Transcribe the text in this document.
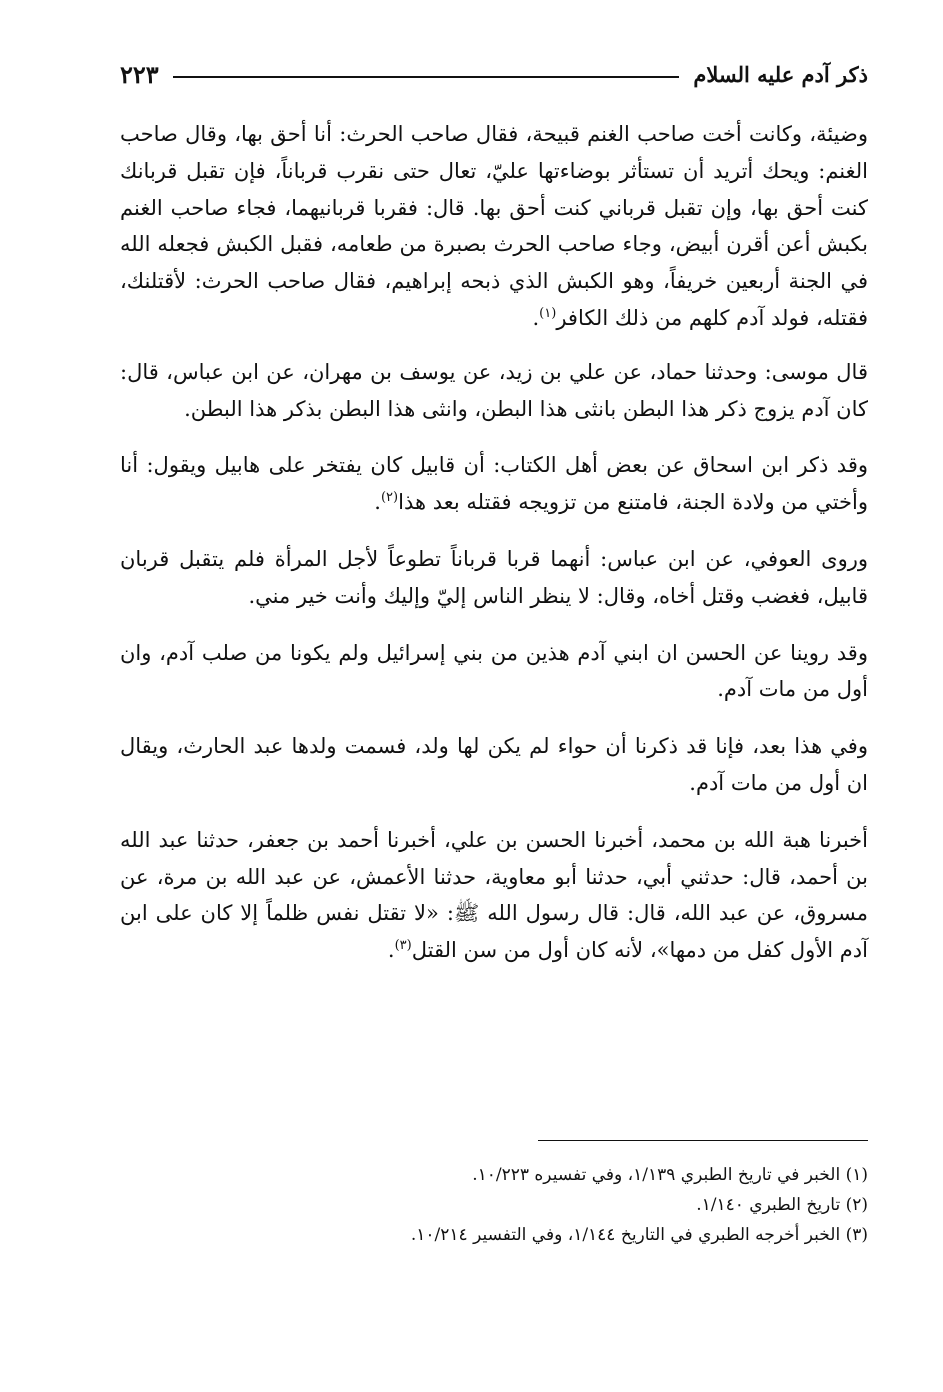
ذكر آدم عليه السلام
٢٢٣

وضيئة، وكانت أخت صاحب الغنم قبيحة، فقال صاحب الحرث: أنا أحق بها، وقال صاحب الغنم: ويحك أتريد أن تستأثر بوضاءتها عليّ، تعال حتى نقرب قرباناً، فإن تقبل قربانك كنت أحق بها، وإن تقبل قرباني كنت أحق بها. قال: فقربا قربانيهما، فجاء صاحب الغنم بكبش أعن أقرن أبيض، وجاء صاحب الحرث بصبرة من طعامه، فقبل الكبش فجعله الله في الجنة أربعين خريفاً، وهو الكبش الذي ذبحه إبراهيم، فقال صاحب الحرث: لأقتلنك، فقتله، فولد آدم كلهم من ذلك الكافر$^{(١)}$.

قال موسى: وحدثنا حماد، عن علي بن زيد، عن يوسف بن مهران، عن ابن عباس، قال: كان آدم يزوج ذكر هذا البطن بانثى هذا البطن، وانثى هذا البطن بذكر هذا البطن.

وقد ذكر ابن اسحاق عن بعض أهل الكتاب: أن قابيل كان يفتخر على هابيل ويقول: أنا وأختي من ولادة الجنة، فامتنع من تزويجه فقتله بعد هذا$^{(٢)}$.

وروى العوفي، عن ابن عباس: أنهما قربا قرباناً تطوعاً لأجل المرأة فلم يتقبل قربان قابيل، فغضب وقتل أخاه، وقال: لا ينظر الناس إليّ وإليك وأنت خير مني.

وقد روينا عن الحسن ان ابني آدم هذين من بني إسرائيل ولم يكونا من صلب آدم، وان أول من مات آدم.

وفي هذا بعد، فإنا قد ذكرنا أن حواء لم يكن لها ولد، فسمت ولدها عبد الحارث، ويقال ان أول من مات آدم.

أخبرنا هبة الله بن محمد، أخبرنا الحسن بن علي، أخبرنا أحمد بن جعفر، حدثنا عبد الله بن أحمد، قال: حدثني أبي، حدثنا أبو معاوية، حدثنا الأعمش، عن عبد الله بن مرة، عن مسروق، عن عبد الله، قال: قال رسول الله ﷺ: «لا تقتل نفس ظلماً إلا كان على ابن آدم الأول كفل من دمها»، لأنه كان أول من سن القتل$^{(٣)}$.

(١) الخبر في تاريخ الطبري ١/١٣٩، وفي تفسيره ١٠/٢٢٣.

(٢) تاريخ الطبري ١/١٤٠.

(٣) الخبر أخرجه الطبري في التاريخ ١/١٤٤، وفي التفسير ١٠/٢١٤.
